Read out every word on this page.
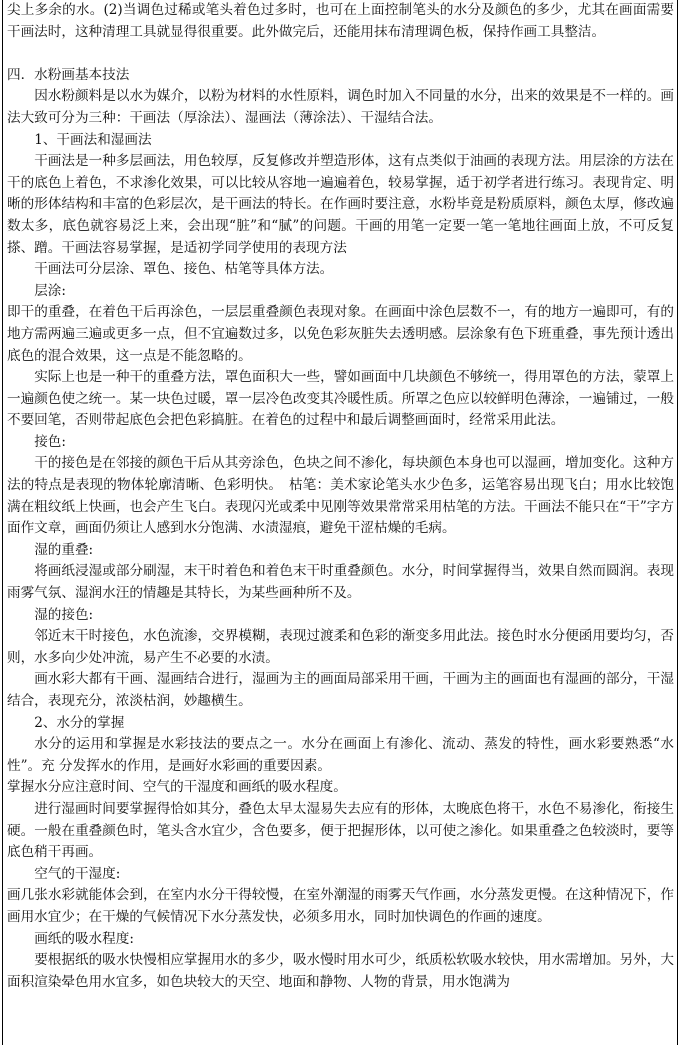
尖上多余的水。(2)当调色过稀或笔头着色过多时，也可在上面控制笔头的水分及颜色的多少，尤其在画面需要干画法时，这种清理工具就显得很重要。此外做完后，还能用抹布清理调色板，保持作画工具整洁。

四．水粉画基本技法

因水粉颜料是以水为媒介，以粉为材料的水性原料，调色时加入不同量的水分，出来的效果是不一样的。画法大致可分为三种：干画法（厚涂法）、湿画法（薄涂法）、干湿结合法。

1、干画法和湿画法

干画法是一种多层画法，用色较厚，反复修改并塑造形体，这有点类似于油画的表现方法。用层涂的方法在干的底色上着色，不求渗化效果，可以比较从容地一遍遍着色，较易掌握，适于初学者进行练习。表现肯定、明晰的形体结构和丰富的色彩层次，是干画法的特长。在作画时要注意，水粉毕竟是粉质原料，颜色太厚，修改遍数太多，底色就容易泛上来，会出现“脏”和“腻”的问题。干画的用笔一定要一笔一笔地往画面上放，不可反复搽、蹭。干画法容易掌握，是适初学同学使用的表现方法

干画法可分层涂、罩色、接色、枯笔等具体方法。

层涂:

即干的重叠，在着色干后再涂色，一层层重叠颜色表现对象。在画面中涂色层数不一，有的地方一遍即可，有的地方需两遍三遍或更多一点，但不宜遍数过多，以免色彩灰脏失去透明感。层涂象有色下班重叠，事先预计透出底色的混合效果，这一点是不能忽略的。

实际上也是一种干的重叠方法，罩色面积大一些，譬如画面中几块颜色不够统一，得用罩色的方法，蒙罩上一遍颜色使之统一。某一块色过暖，罩一层冷色改变其冷暖性质。所罩之色应以较鲜明色薄涂，一遍铺过，一般不要回笔，否则带起底色会把色彩搞脏。在着色的过程中和最后调整画面时，经常采用此法。

接色:

干的接色是在邻接的颜色干后从其旁涂色，色块之间不渗化，每块颜色本身也可以湿画，增加变化。这种方法的特点是表现的物体轮廓清晰、色彩明快。　枯笔：美术家论笔头水少色多，运笔容易出现飞白；用水比较饱满在粗纹纸上快画，也会产生飞白。表现闪光或柔中见刚等效果常常采用枯笔的方法。干画法不能只在“干”字方面作文章，画面仍须让人感到水分饱满、水渍湿痕，避免干涩枯燥的毛病。

湿的重叠:

将画纸浸湿或部分刷湿，末干时着色和着色末干时重叠颜色。水分，时间掌握得当，效果自然而圆润。表现雨雾气氛、湿润水汪的情趣是其特长，为某些画种所不及。

湿的接色:

邻近末干时接色，水色流渗，交界模糊，表现过渡柔和色彩的渐变多用此法。接色时水分便函用要均匀，否则，水多向少处冲流，易产生不必要的水渍。

画水彩大都有干画、湿画结合进行，湿画为主的画面局部采用干画，干画为主的画面也有湿画的部分，干湿结合，表现充分，浓淡枯润，妙趣横生。

2、水分的掌握

水分的运用和掌握是水彩技法的要点之一。水分在画面上有渗化、流动、蒸发的特性，画水彩要熟悉“水性”。充 分发挥水的作用，是画好水彩画的重要因素。

掌握水分应注意时间、空气的干湿度和画纸的吸水程度。

进行湿画时间要掌握得恰如其分，叠色太早太湿易失去应有的形体，太晚底色将干，水色不易渗化，衔接生硬。一般在重叠颜色时，笔头含水宜少，含色要多，便于把握形体，以可使之渗化。如果重叠之色较淡时，要等底色稍干再画。

空气的干湿度:

画几张水彩就能体会到，在室内水分干得较慢，在室外潮湿的雨雾天气作画，水分蒸发更慢。在这种情况下，作画用水宜少；在干燥的气候情况下水分蒸发快，必须多用水，同时加快调色的作画的速度。

画纸的吸水程度:

要根据纸的吸水快慢相应掌握用水的多少，吸水慢时用水可少，纸质松软吸水较快，用水需增加。另外，大面积渲染晕色用水宜多，如色块较大的天空、地面和静物、人物的背景，用水饱满为
